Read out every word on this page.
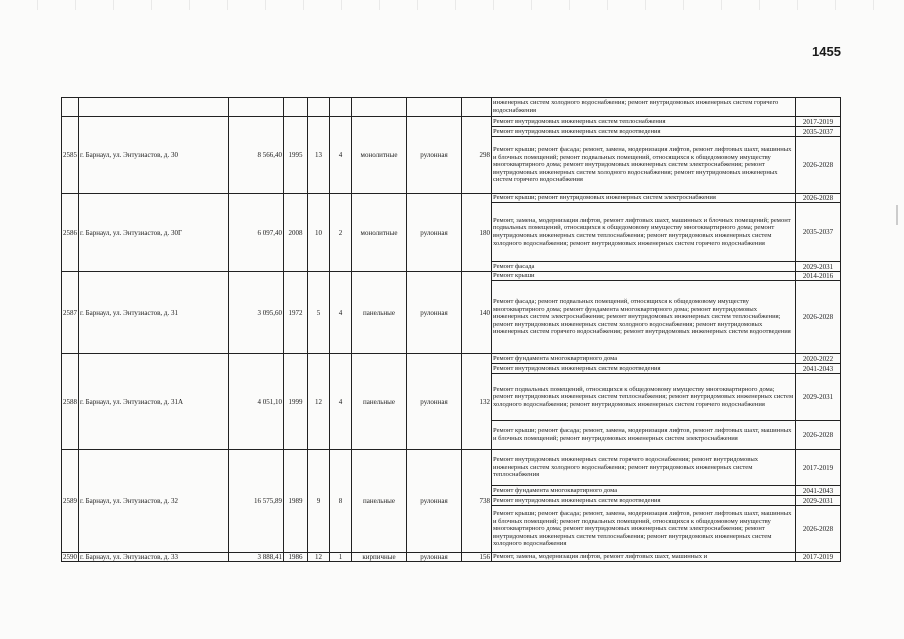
1455
									инженерных систем холодного водоснабжения; ремонт внутридомовых инженерных систем горячего водоснабжения	
2585	г. Барнаул, ул. Энтузиастов, д. 30	8 566,40	1995	13	4	монолитные	рулонная	298	Ремонт внутридомовых инженерных систем теплоснабжения	2017-2019
									Ремонт внутридомовых инженерных систем водоотведения	2035-2037
									Ремонт крыши; ремонт фасада; ремонт, замена, модернизация лифтов, ремонт лифтовых шахт, машинных и блочных помещений; ремонт подвальных помещений, относящихся к общедомовому имуществу многоквартирного дома; ремонт внутридомовых инженерных систем электроснабжения; ремонт внутридомовых инженерных систем холодного водоснабжения; ремонт внутридомовых инженерных систем горячего водоснабжения	2026-2028
2586	г. Барнаул, ул. Энтузиастов, д. 30Г	6 097,40	2008	10	2	монолитные	рулонная	180	Ремонт крыши; ремонт внутридомовых инженерных систем электроснабжения	2026-2028
									Ремонт, замена, модернизация лифтов, ремонт лифтовых шахт, машинных и блочных помещений; ремонт подвальных помещений, относящихся к общедомовому имуществу многоквартирного дома; ремонт внутридомовых инженерных систем теплоснабжения; ремонт внутридомовых инженерных систем холодного водоснабжения; ремонт внутридомовых инженерных систем горячего водоснабжения	2035-2037
									Ремонт фасада	2029-2031
2587	г. Барнаул, ул. Энтузиастов, д. 31	3 095,60	1972	5	4	панельные	рулонная	140	Ремонт крыши	2014-2016
									Ремонт фасада; ремонт подвальных помещений, относящихся к общедомовому имуществу многоквартирного дома; ремонт фундамента многоквартирного дома; ремонт внутридомовых инженерных систем электроснабжения; ремонт внутридомовых инженерных систем теплоснабжения; ремонт внутридомовых инженерных систем холодного водоснабжения; ремонт внутридомовых инженерных систем горячего водоснабжения; ремонт внутридомовых инженерных систем водоотведения	2026-2028
2588	г. Барнаул, ул. Энтузиастов, д. 31А	4 051,10	1999	12	4	панельные	рулонная	132	Ремонт фундамента многоквартирного дома	2020-2022
									Ремонт внутридомовых инженерных систем водоотведения	2041-2043
									Ремонт подвальных помещений, относящихся к общедомовому имуществу многоквартирного дома; ремонт внутридомовых инженерных систем теплоснабжения; ремонт внутридомовых инженерных систем холодного водоснабжения; ремонт внутридомовых инженерных систем горячего водоснабжения	2029-2031
									Ремонт крыши; ремонт фасада; ремонт, замена, модернизация лифтов, ремонт лифтовых шахт, машинных и блочных помещений; ремонт внутридомовых инженерных систем электроснабжения	2026-2028
2589	г. Барнаул, ул. Энтузиастов, д. 32	16 575,89	1989	9	8	панельные	рулонная	738	Ремонт внутридомовых инженерных систем горячего водоснабжения; ремонт внутридомовых инженерных систем холодного водоснабжения; ремонт внутридомовых инженерных систем теплоснабжения	2017-2019
									Ремонт фундамента многоквартирного дома	2041-2043
									Ремонт внутридомовых инженерных систем водоотведения	2029-2031
									Ремонт крыши; ремонт фасада; ремонт, замена, модернизация лифтов, ремонт лифтовых шахт, машинных и блочных помещений; ремонт подвальных помещений, относящихся к общедомовому имуществу многоквартирного дома; ремонт внутридомовых инженерных систем электроснабжения; ремонт внутридомовых инженерных систем теплоснабжения; ремонт внутридомовых инженерных систем холодного водоснабжения	2026-2028
2590	г. Барнаул, ул. Энтузиастов, д. 33	3 888,41	1986	12	1	кирпичные	рулонная	156	Ремонт, замена, модернизация лифтов, ремонт лифтовых шахт, машинных и	2017-2019
